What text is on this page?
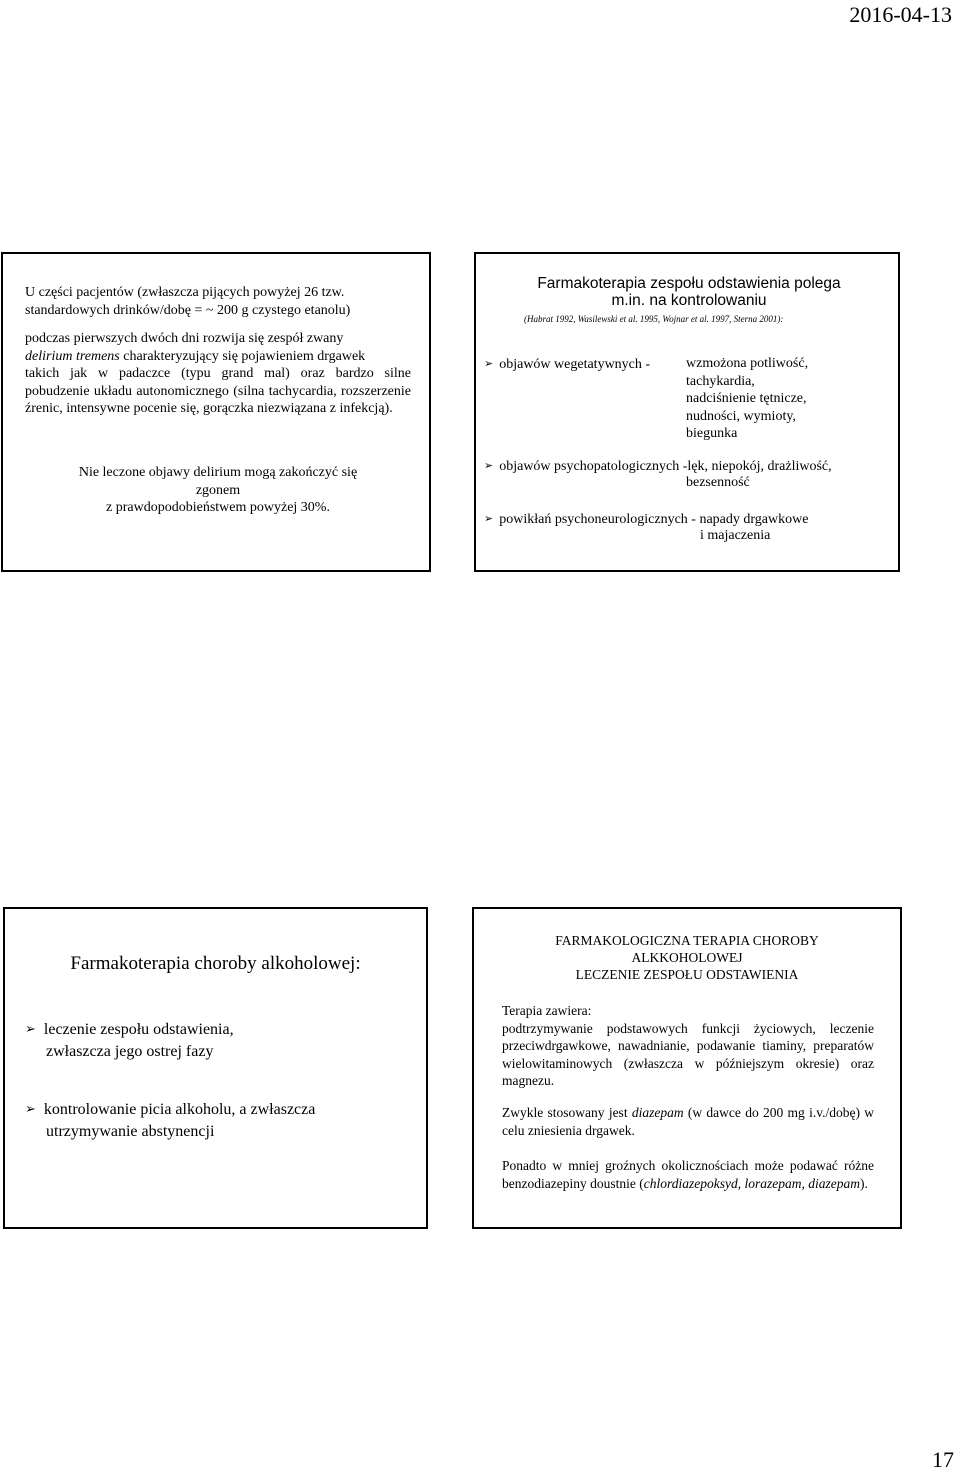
2016-04-13

U części pacjentów (zwłaszcza pijących powyżej 26 tzw.
standardowych drinków/dobę = ~ 200 g czystego etanolu)

podczas pierwszych dwóch dni rozwija się zespół zwany
delirium tremens charakteryzujący się pojawieniem drgawek
takich jak w padaczce (typu grand mal) oraz bardzo silne pobudzenie układu autonomicznego (silna tachycardia, rozszerzenie źrenic, intensywne pocenie się, gorączka niezwiązana z infekcją).

Nie leczone objawy delirium mogą zakończyć się
zgonem
z prawdopodobieństwem powyżej 30%.

Farmakoterapia zespołu odstawienia polega
m.in. na kontrolowaniu

(Habrat 1992, Wasilewski et al. 1995, Wojnar et al. 1997, Sterna 2001):
➢ objawów wegetatywnych -	wzmożona potliwość,
tachykardia,
nadciśnienie tętnicze,
nudności, wymioty,
biegunka
➢ objawów psychopatologicznych -lęk, niepokój, drażliwość,
bezsenność
➢ powikłań psychoneurologicznych - napady drgawkowe
i majaczenia

Farmakoterapia choroby alkoholowej:

➢ leczenie zespołu odstawienia,
zwłaszcza jego ostrej fazy
➢ kontrolowanie picia alkoholu, a zwłaszcza
utrzymywanie abstynencji

FARMAKOLOGICZNA TERAPIA CHOROBY
ALKKOHOLOWEJ
LECZENIE ZESPOŁU ODSTAWIENIA

Terapia zawiera:
podtrzymywanie podstawowych funkcji życiowych, leczenie przeciwdrgawkowe, nawadnianie, podawanie tiaminy, preparatów wielowitaminowych (zwłaszcza w późniejszym okresie) oraz magnezu.

Zwykle stosowany jest diazepam (w dawce do 200 mg i.v./dobę) w celu zniesienia drgawek.

Ponadto w mniej groźnych okolicznościach może podawać różne benzodiazepiny doustnie (chlordiazepoksyd, lorazepam, diazepam).

17
